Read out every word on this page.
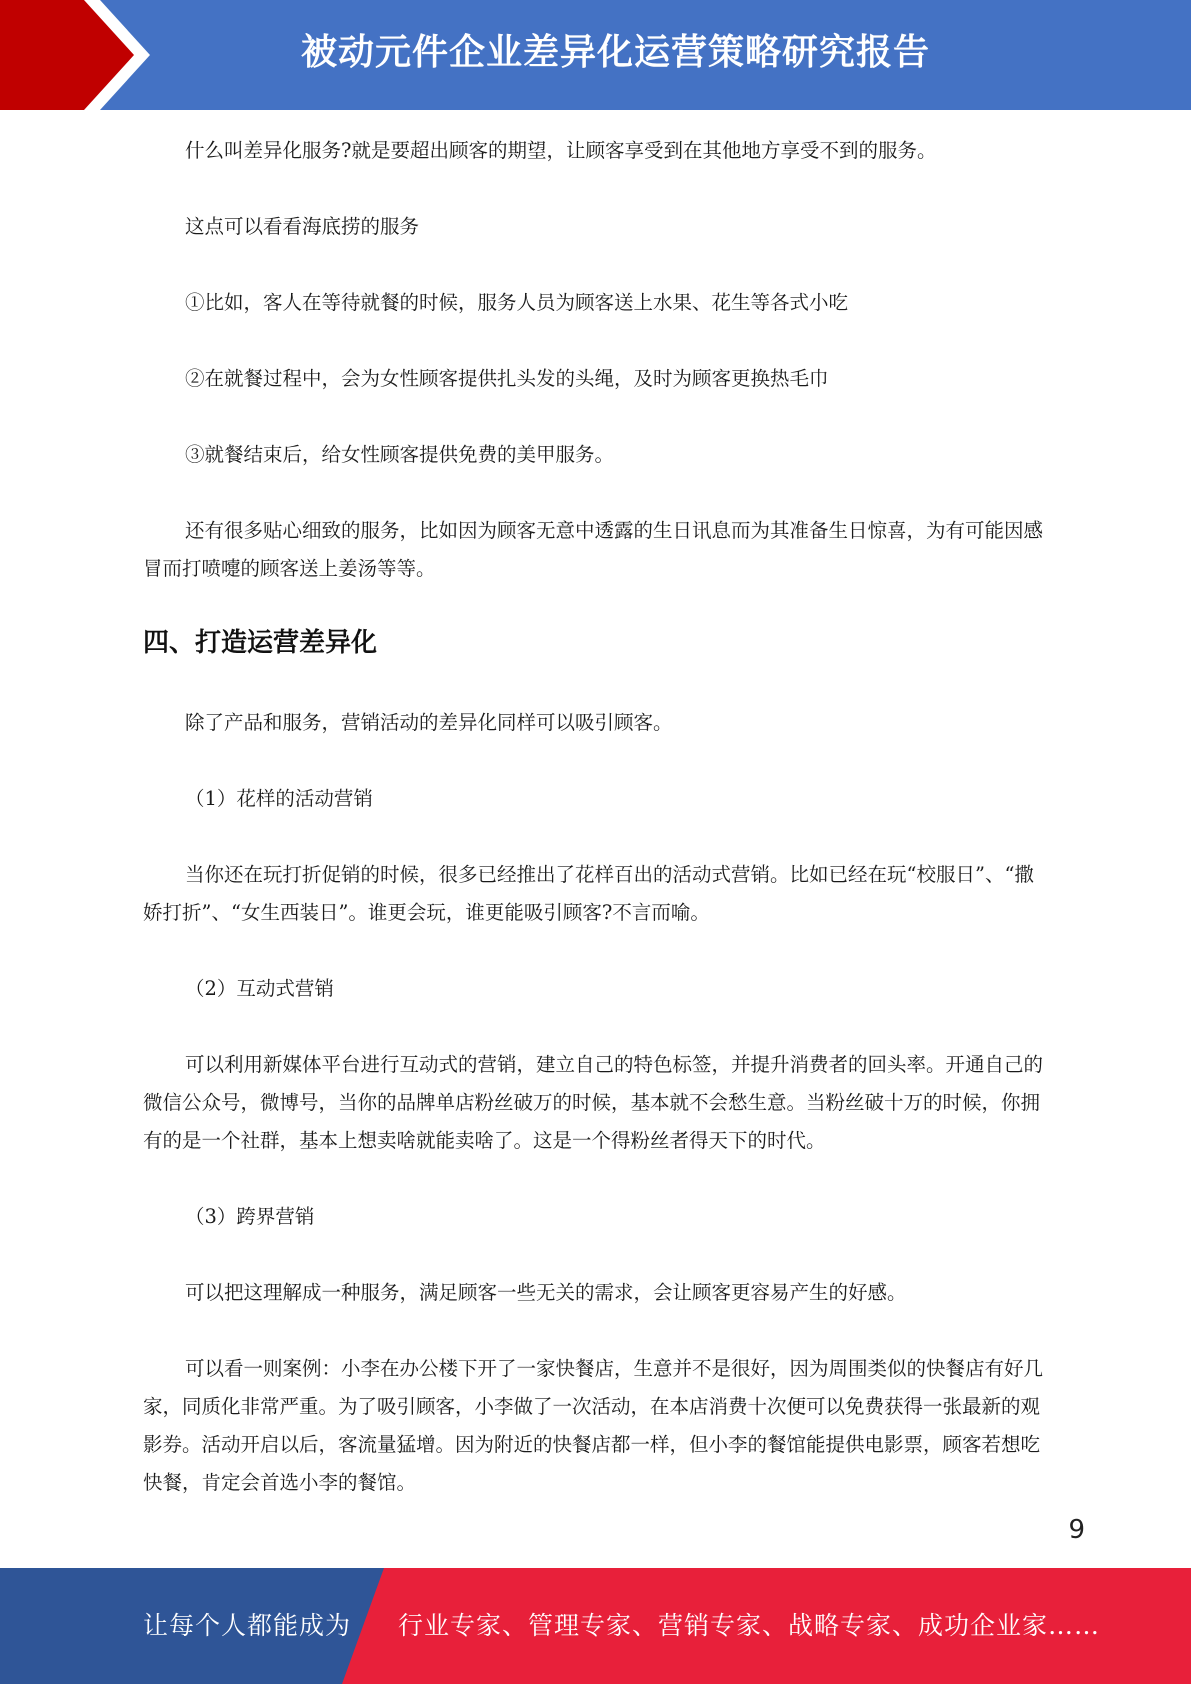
被动元件企业差异化运营策略研究报告

什么叫差异化服务?就是要超出顾客的期望，让顾客享受到在其他地方享受不到的服务。

这点可以看看海底捞的服务

①比如，客人在等待就餐的时候，服务人员为顾客送上水果、花生等各式小吃

②在就餐过程中，会为女性顾客提供扎头发的头绳，及时为顾客更换热毛巾

③就餐结束后，给女性顾客提供免费的美甲服务。

还有很多贴心细致的服务，比如因为顾客无意中透露的生日讯息而为其准备生日惊喜，为有可能因感冒而打喷嚏的顾客送上姜汤等等。

四、打造运营差异化

除了产品和服务，营销活动的差异化同样可以吸引顾客。

（1）花样的活动营销

当你还在玩打折促销的时候，很多已经推出了花样百出的活动式营销。比如已经在玩“校服日”、“撒娇打折”、“女生西装日”。谁更会玩，谁更能吸引顾客?不言而喻。

（2）互动式营销

可以利用新媒体平台进行互动式的营销，建立自己的特色标签，并提升消费者的回头率。开通自己的微信公众号，微博号，当你的品牌单店粉丝破万的时候，基本就不会愁生意。当粉丝破十万的时候，你拥有的是一个社群，基本上想卖啥就能卖啥了。这是一个得粉丝者得天下的时代。

（3）跨界营销

可以把这理解成一种服务，满足顾客一些无关的需求，会让顾客更容易产生的好感。

可以看一则案例：小李在办公楼下开了一家快餐店，生意并不是很好，因为周围类似的快餐店有好几家，同质化非常严重。为了吸引顾客，小李做了一次活动，在本店消费十次便可以免费获得一张最新的观影券。活动开启以后，客流量猛增。因为附近的快餐店都一样，但小李的餐馆能提供电影票，顾客若想吃快餐，肯定会首选小李的餐馆。

9
让每个人都能成为 行业专家、管理专家、营销专家、战略专家、成功企业家……
